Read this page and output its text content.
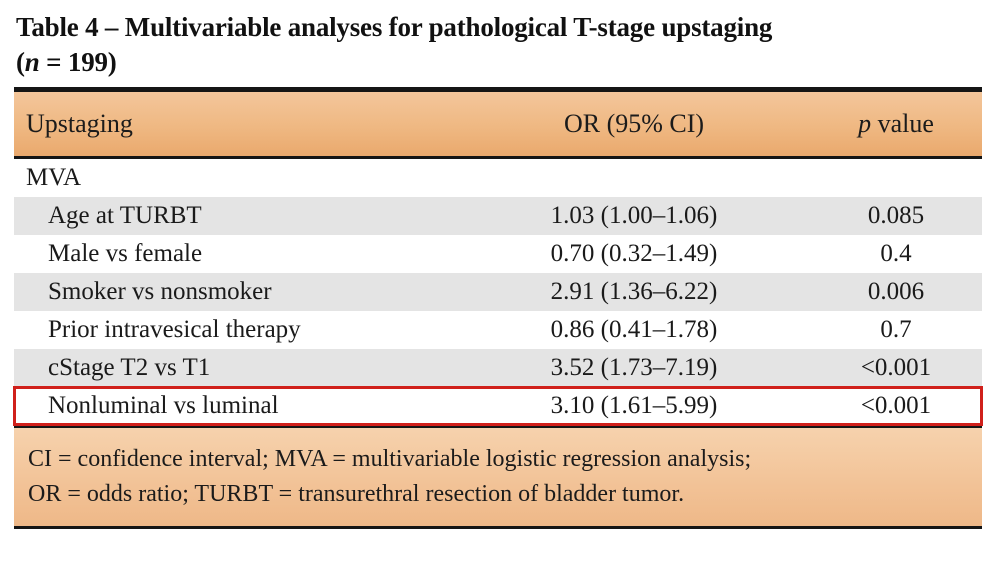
Table 4 – Multivariable analyses for pathological T-stage upstaging
(n = 199)
Upstaging	OR (95% CI)	p value
MVA
Age at TURBT	1.03 (1.00–1.06)	0.085
Male vs female	0.70 (0.32–1.49)	0.4
Smoker vs nonsmoker	2.91 (1.36–6.22)	0.006
Prior intravesical therapy	0.86 (0.41–1.78)	0.7
cStage T2 vs T1	3.52 (1.73–7.19)	<0.001
Nonluminal vs luminal	3.10 (1.61–5.99)	<0.001
CI = confidence interval; MVA = multivariable logistic regression analysis;
OR = odds ratio; TURBT = transurethral resection of bladder tumor.
